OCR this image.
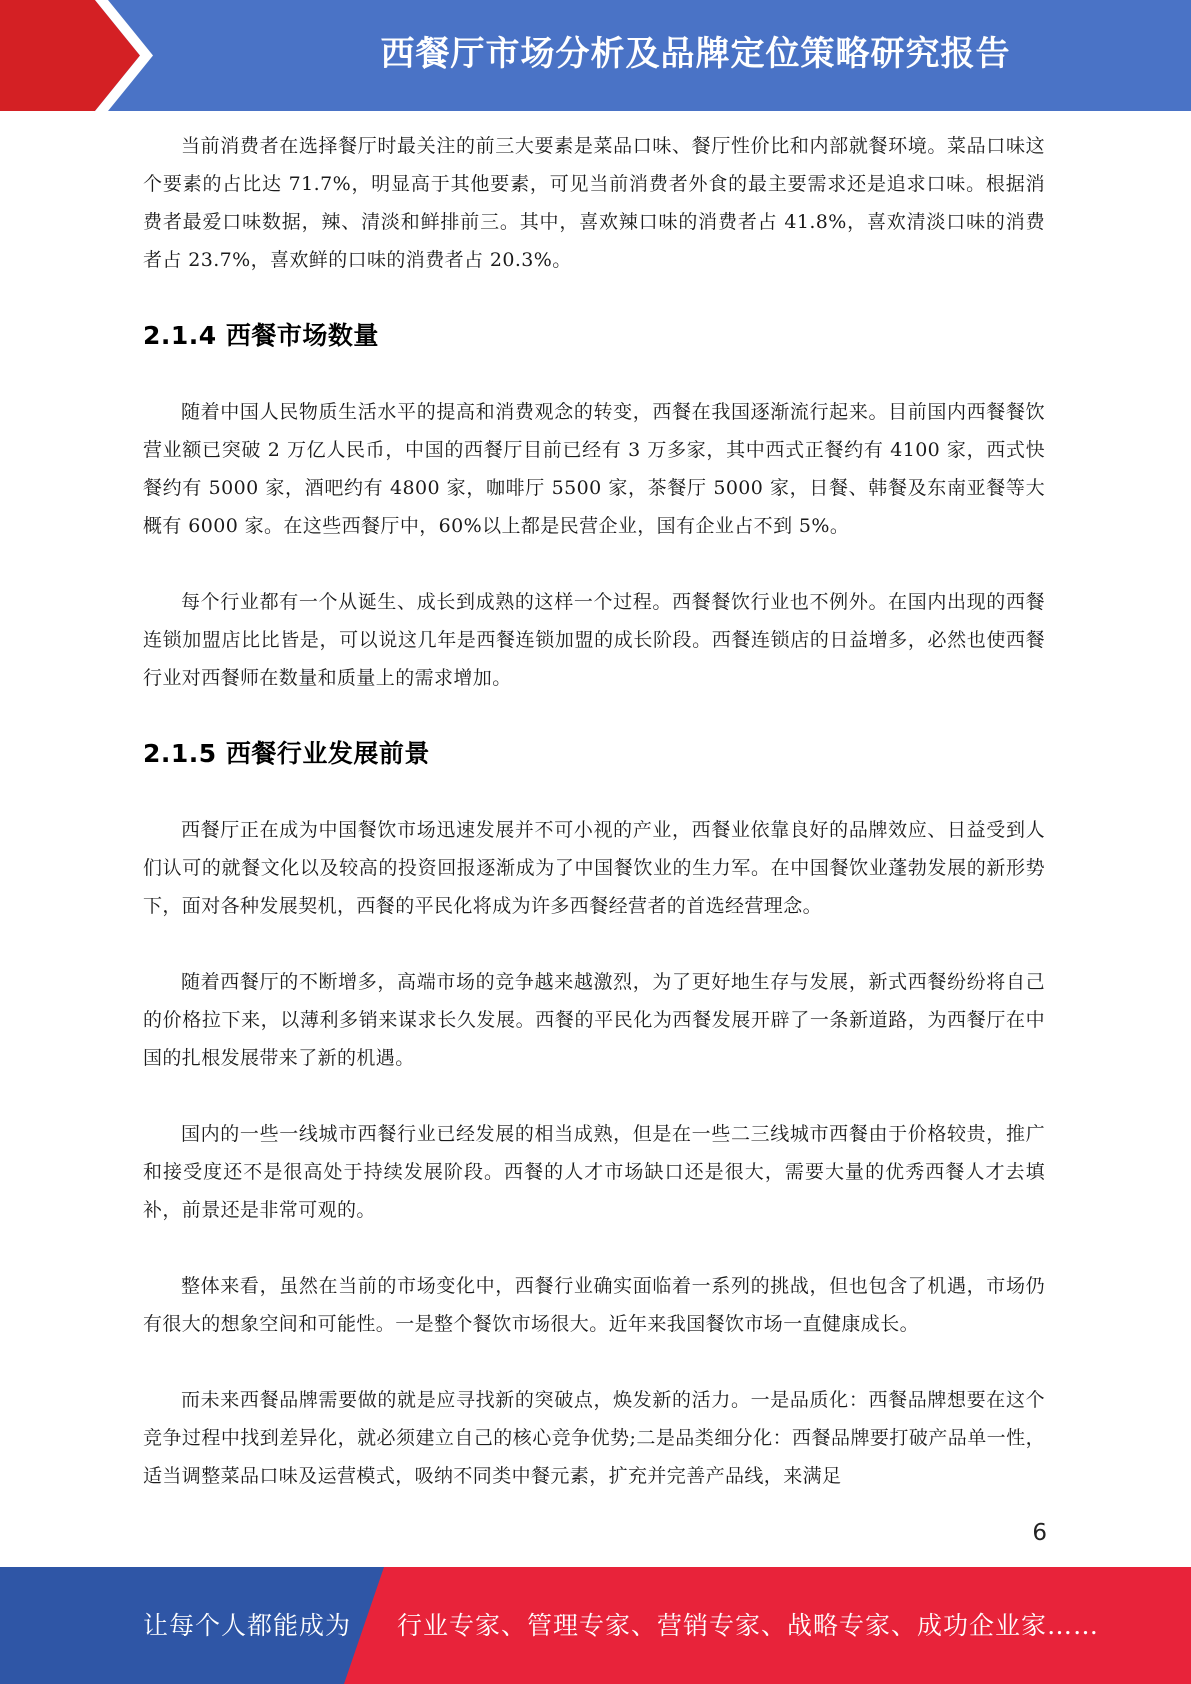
西餐厅市场分析及品牌定位策略研究报告

当前消费者在选择餐厅时最关注的前三大要素是菜品口味、餐厅性价比和内部就餐环境。菜品口味这个要素的占比达 71.7%，明显高于其他要素，可见当前消费者外食的最主要需求还是追求口味。根据消费者最爱口味数据，辣、清淡和鲜排前三。其中，喜欢辣口味的消费者占 41.8%，喜欢清淡口味的消费者占 23.7%，喜欢鲜的口味的消费者占 20.3%。

2.1.4 西餐市场数量

随着中国人民物质生活水平的提高和消费观念的转变，西餐在我国逐渐流行起来。目前国内西餐餐饮营业额已突破 2 万亿人民币，中国的西餐厅目前已经有 3 万多家，其中西式正餐约有 4100 家，西式快餐约有 5000 家，酒吧约有 4800 家，咖啡厅 5500 家，茶餐厅 5000 家，日餐、韩餐及东南亚餐等大概有 6000 家。在这些西餐厅中，60%以上都是民营企业，国有企业占不到 5%。

每个行业都有一个从诞生、成长到成熟的这样一个过程。西餐餐饮行业也不例外。在国内出现的西餐连锁加盟店比比皆是，可以说这几年是西餐连锁加盟的成长阶段。西餐连锁店的日益增多，必然也使西餐行业对西餐师在数量和质量上的需求增加。

2.1.5 西餐行业发展前景

西餐厅正在成为中国餐饮市场迅速发展并不可小视的产业，西餐业依靠良好的品牌效应、日益受到人们认可的就餐文化以及较高的投资回报逐渐成为了中国餐饮业的生力军。在中国餐饮业蓬勃发展的新形势下，面对各种发展契机，西餐的平民化将成为许多西餐经营者的首选经营理念。

随着西餐厅的不断增多，高端市场的竞争越来越激烈，为了更好地生存与发展，新式西餐纷纷将自己的价格拉下来，以薄利多销来谋求长久发展。西餐的平民化为西餐发展开辟了一条新道路，为西餐厅在中国的扎根发展带来了新的机遇。

国内的一些一线城市西餐行业已经发展的相当成熟，但是在一些二三线城市西餐由于价格较贵，推广和接受度还不是很高处于持续发展阶段。西餐的人才市场缺口还是很大，需要大量的优秀西餐人才去填补，前景还是非常可观的。

整体来看，虽然在当前的市场变化中，西餐行业确实面临着一系列的挑战，但也包含了机遇，市场仍有很大的想象空间和可能性。一是整个餐饮市场很大。近年来我国餐饮市场一直健康成长。

而未来西餐品牌需要做的就是应寻找新的突破点，焕发新的活力。一是品质化：西餐品牌想要在这个竞争过程中找到差异化，就必须建立自己的核心竞争优势;二是品类细分化：西餐品牌要打破产品单一性，适当调整菜品口味及运营模式，吸纳不同类中餐元素，扩充并完善产品线，来满足

6
让每个人都能成为 行业专家、管理专家、营销专家、战略专家、成功企业家……
